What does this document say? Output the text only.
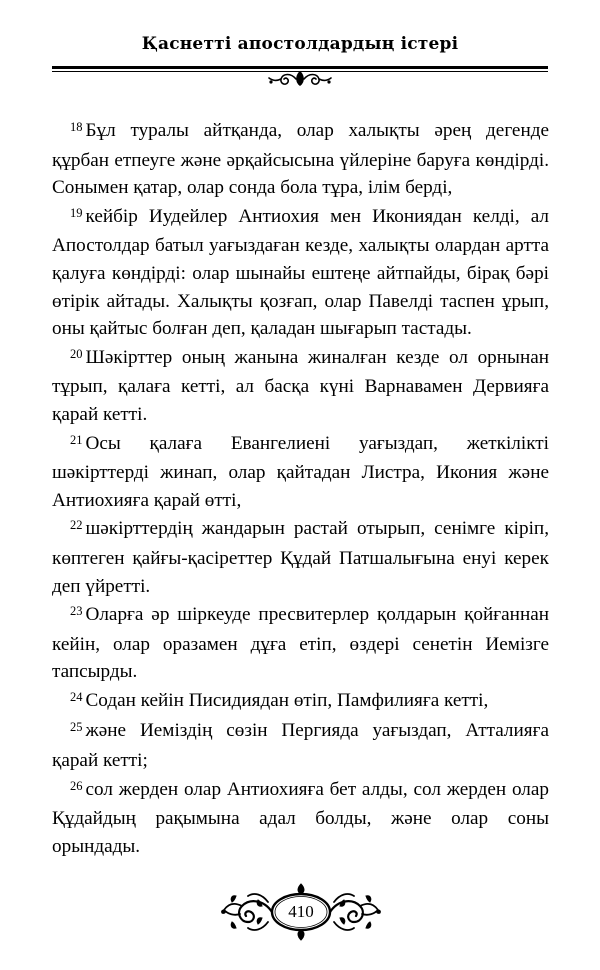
Қаснетті апостолдардың істері

$^{18}$ Бұл туралы айтқанда, олар халықты әрең дегенде құрбан етпеуге және әрқайсысына үйлеріне баруға көндірді. Сонымен қатар, олар сонда бола тұра, ілім берді,

$^{19}$ кейбір Иудейлер Антиохия мен Икониядан келді, ал Апостолдар батыл уағыздаған кезде, халықты олардан артта қалуға көндірді: олар шынайы ештеңе айтпайды, бірақ бәрі өтірік айтады. Халықты қозғап, олар Павелді таспен ұрып, оны қайтыс болған деп, қаладан шығарып тастады.

$^{20}$ Шәкірттер оның жанына жиналған кезде ол орнынан тұрып, қалаға кетті, ал басқа күні Варнавамен Дервияға қарай кетті.

$^{21}$ Осы қалаға Евангелиені уағыздап, жеткілікті шәкірттерді жинап, олар қайтадан Листра, Икония және Антиохияға қарай өтті,

$^{22}$ шәкірттердің жандарын растай отырып, сенімге кіріп, көптеген қайғы-қасіреттер Құдай Патшалығына енуі керек деп үйретті.

$^{23}$ Оларға әр шіркеуде пресвитерлер қолдарын қойғаннан кейін, олар оразамен дұға етіп, өздері сенетін Иемізге тапсырды.

$^{24}$ Содан кейін Писидиядан өтіп, Памфилияға кетті,

$^{25}$ және Иеміздің сөзін Пергияда уағыздап, Атталияға қарай кетті;

$^{26}$ сол жерден олар Антиохияға бет алды, сол жерден олар Құдайдың рақымына адал болды, және олар соны орындады.

410
